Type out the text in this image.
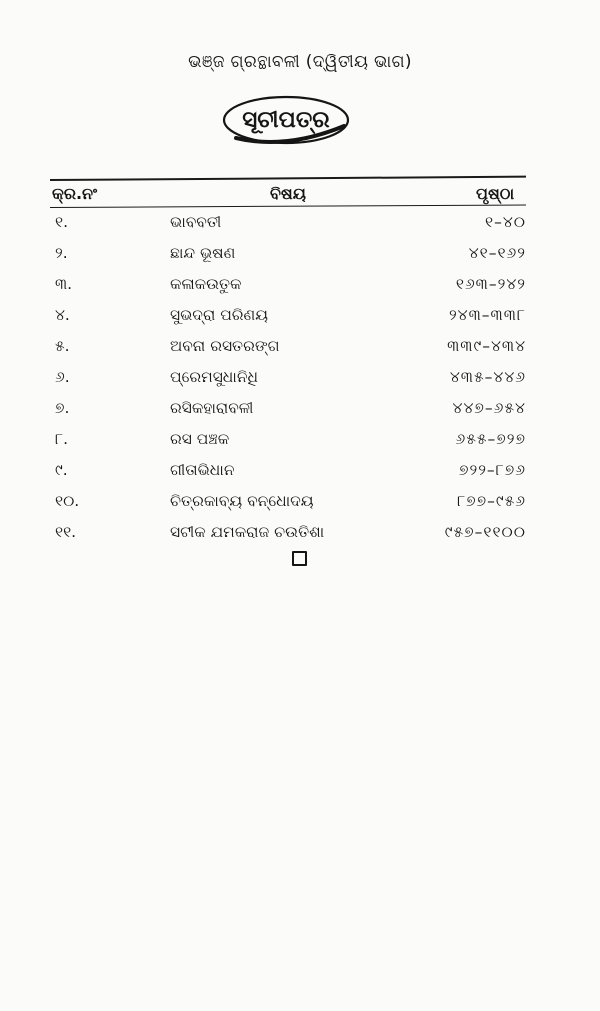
ଭଞ୍ଜ ଗ୍ରନ୍ଥାବଳୀ (ଦ୍ୱିତୀୟ ଭାଗ)
ସୂଚୀପତ୍ର
କ୍ର.ନଂ	ବିଷୟ	ପୃଷ୍ଠା
୧.	ଭାବବତୀ	୧–୪୦
୨.	ଛାନ୍ଦ ଭୂଷଣ	୪୧–୧୬୨
୩.	କଳାକଉତୁକ	୧୬୩–୨୪୨
୪.	ସୁଭଦ୍ରା ପରିଣୟ	୨୪୩–୩୩୮
୫.	ଅବନା ରସତରଙ୍ଗ	୩୩୯–୪୩୪
୬.	ପ୍ରେମସୁଧାନିଧି	୪୩୫–୪୪୬
୭.	ରସିକହାରାବଳୀ	୪୪୭–୬୫୪
୮.	ରସ ପଞ୍ଚକ	୬୫୫–୭୨୭
୯.	ଗୀତାଭିଧାନ	୭୨୨–୮୭୬
୧୦.	ଚିତ୍ରକାବ୍ୟ ବନ୍ଧୋଦୟ	୮୭୭–୯୫୬
୧୧.	ସଟୀକ ଯମକରାଜ ଚଉତିଶା	୯୫୭–୧୧୦୦
